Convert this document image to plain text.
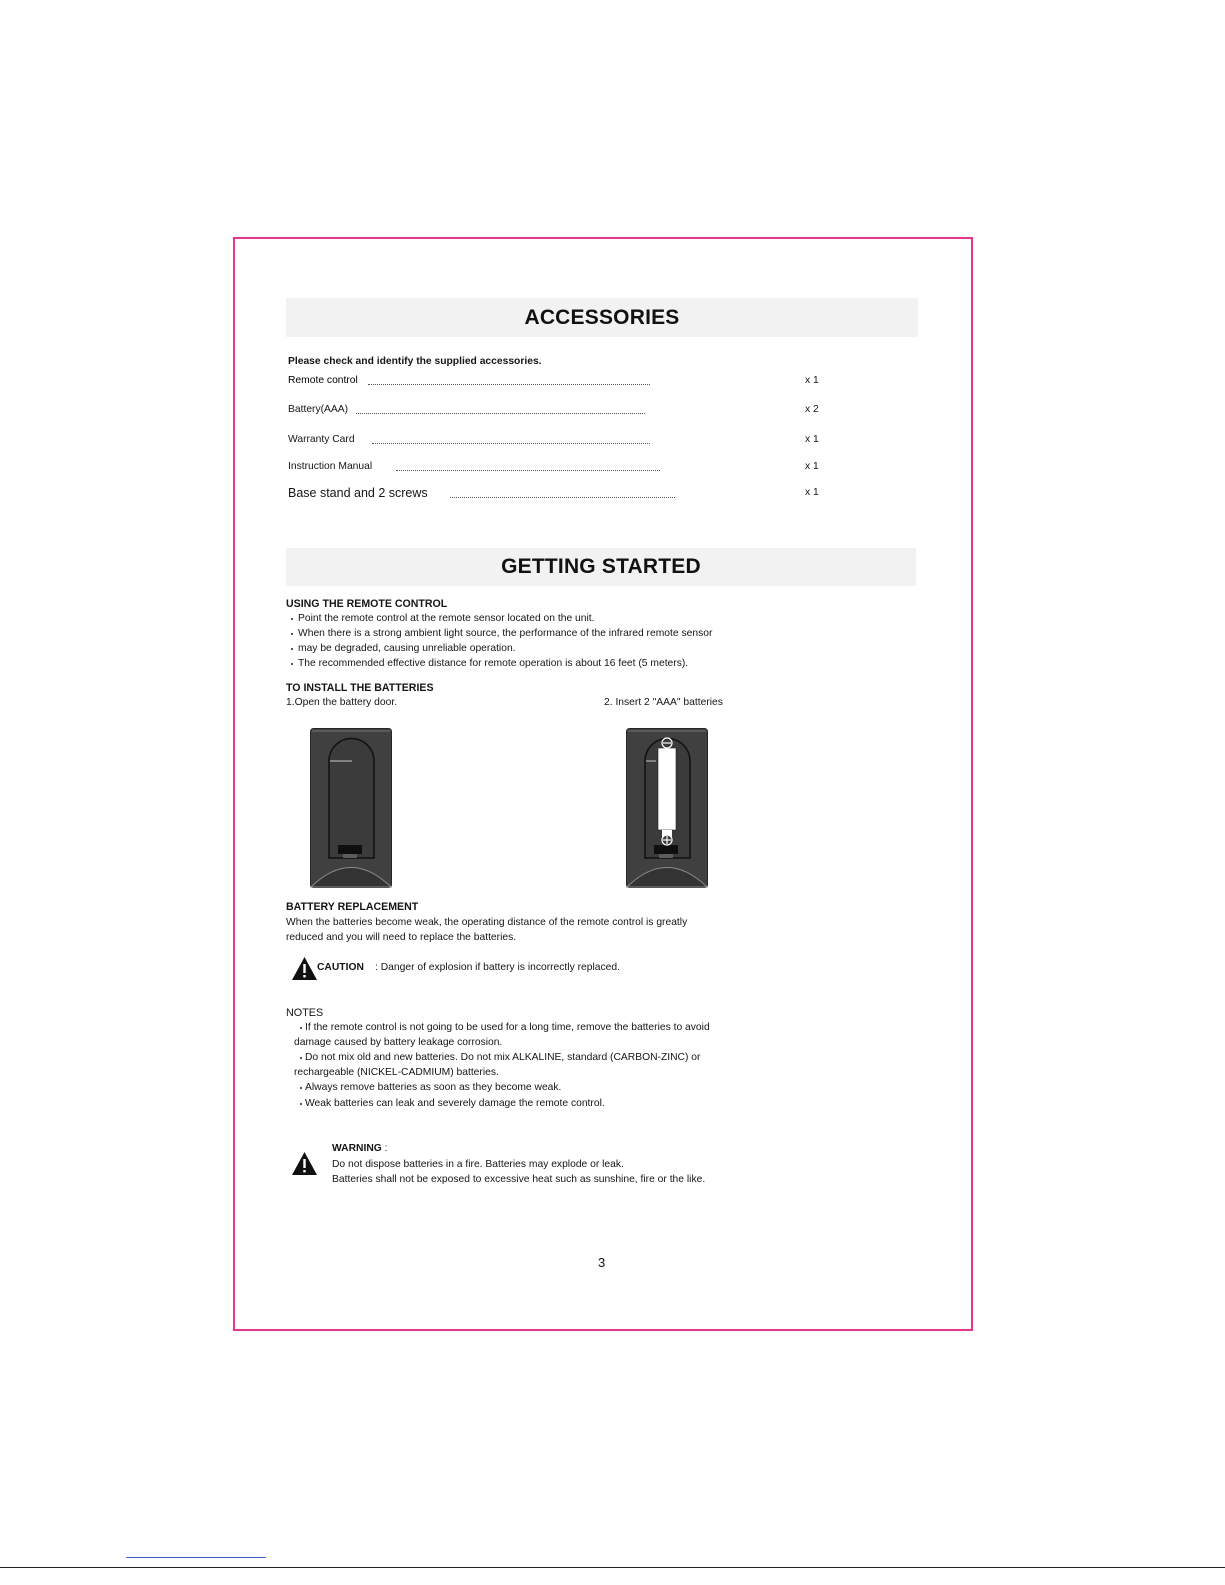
ACCESSORIES
Please check and identify the supplied accessories.
Remote control	x 1
Battery(AAA)	x 2
Warranty Card	x 1
Instruction Manual	x 1
Base stand and 2 screws	x 1
GETTING STARTED
USING THE REMOTE CONTROL
Point the remote control at the remote sensor located on the unit.
When there is a strong ambient light source, the performance of the infrared remote sensor
may be degraded, causing unreliable operation.
The recommended effective distance for remote operation is about 16 feet (5 meters).
TO INSTALL THE BATTERIES
1.Open the battery door.	2. Insert 2 "AAA" batteries
BATTERY REPLACEMENT
When the batteries become weak, the operating distance of the remote control is greatly
reduced and you will need to replace the batteries.
CAUTION : Danger of explosion if battery is incorrectly replaced.
NOTES
If the remote control is not going to be used for a long time, remove the batteries to avoid
damage caused by battery leakage corrosion.
Do not mix old and new batteries. Do not mix ALKALINE, standard (CARBON-ZINC) or
rechargeable (NICKEL-CADMIUM) batteries.
Always remove batteries as soon as they become weak.
Weak batteries can leak and severely damage the remote control.
WARNING :
Do not dispose batteries in a fire. Batteries may explode or leak.
Batteries shall not be exposed to excessive heat such as sunshine, fire or the like.
3
